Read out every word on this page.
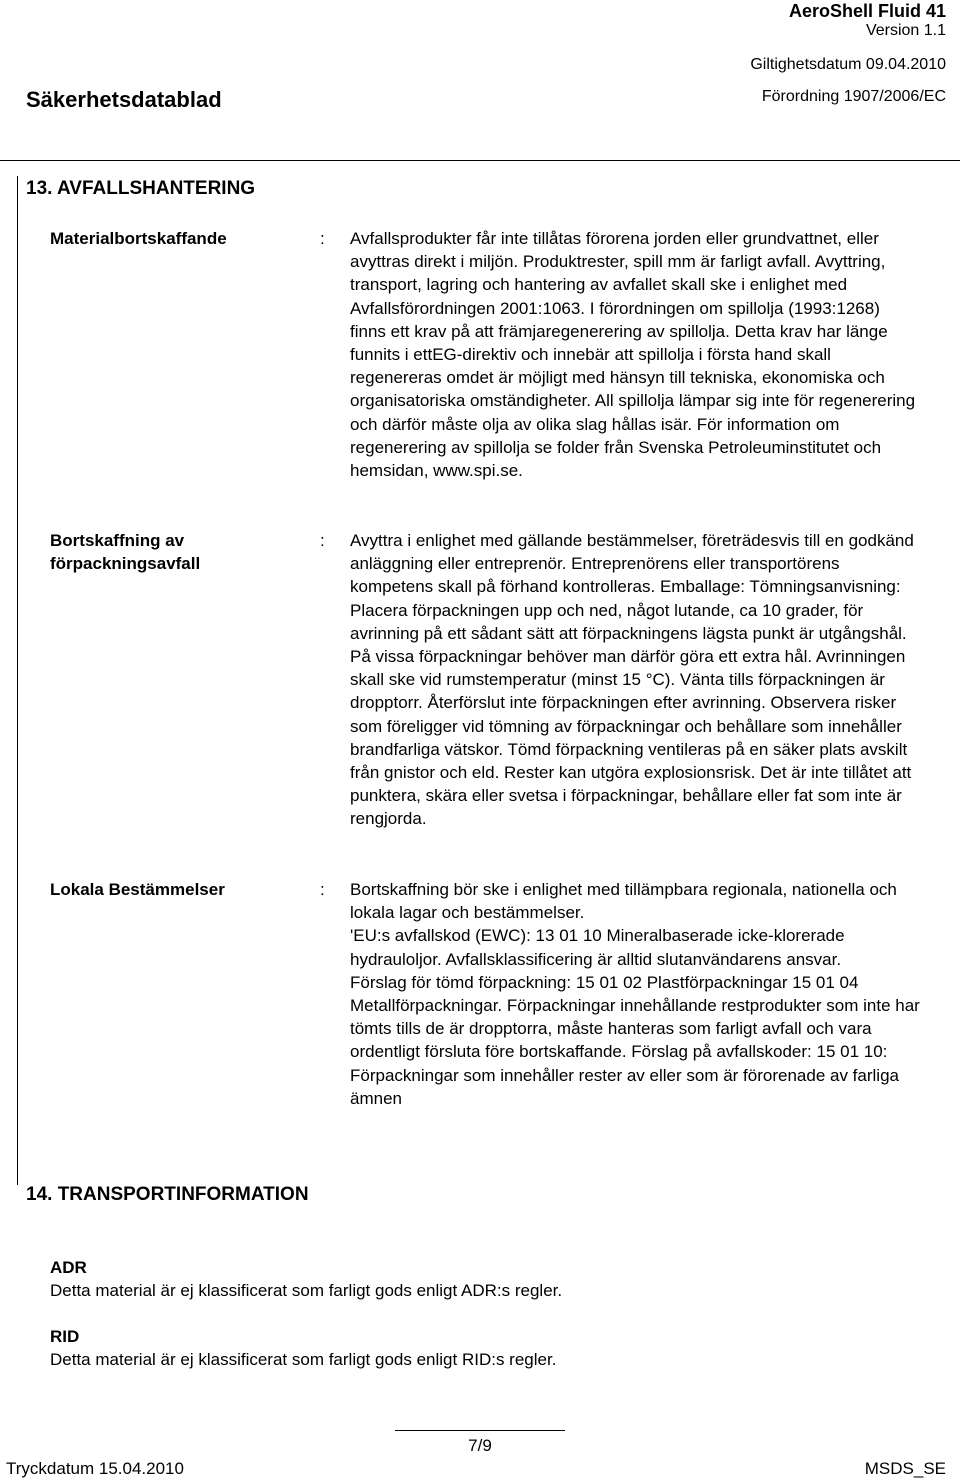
Säkerhetsdatablad
AeroShell Fluid 41
Version 1.1
Giltighetsdatum 09.04.2010
Förordning 1907/2006/EC
13. AVFALLSHANTERING
Materialbortskaffande	: Avfallsprodukter får inte tillåtas förorena jorden eller grundvattnet, eller avyttras direkt i miljön. Produktrester, spill mm är farligt avfall. Avyttring, transport, lagring och hantering av avfallet skall ske i enlighet med Avfallsförordningen 2001:1063. I förordningen om spillolja (1993:1268) finns ett krav på att främjaregenerering av spillolja. Detta krav har länge funnits i ettEG-direktiv och innebär att spillolja i första hand skall regenereras omdet är möjligt med hänsyn till tekniska, ekonomiska och organisatoriska omständigheter. All spillolja lämpar sig inte för regenerering och därför måste olja av olika slag hållas isär. För information om regenerering av spillolja se folder från Svenska Petroleuminstitutet och hemsidan, www.spi.se.
Bortskaffning av förpackningsavfall
: Avyttra i enlighet med gällande bestämmelser, företrädesvis till en godkänd anläggning eller entreprenör. Entreprenörens eller transportörens kompetens skall på förhand kontrolleras. Emballage: Tömningsanvisning: Placera förpackningen upp och ned, något lutande, ca 10 grader, för avrinning på ett sådant sätt att förpackningens lägsta punkt är utgångshål. På vissa förpackningar behöver man därför göra ett extra hål. Avrinningen skall ske vid rumstemperatur (minst 15 °C). Vänta tills förpackningen är dropptorr. Återförslut inte förpackningen efter avrinning. Observera risker som föreligger vid tömning av förpackningar och behållare som innehåller brandfarliga vätskor. Tömd förpackning ventileras på en säker plats avskilt från gnistor och eld. Rester kan utgöra explosionsrisk. Det är inte tillåtet att punktera, skära eller svetsa i förpackningar, behållare eller fat som inte är rengjorda.
Lokala Bestämmelser	: Bortskaffning bör ske i enlighet med tillämpbara regionala, nationella och lokala lagar och bestämmelser.

'EU:s avfallskod (EWC): 13 01 10 Mineralbaserade icke-klorerade hydrauloljor. Avfallsklassificering är alltid slutanvändarens ansvar.

Förslag för tömd förpackning: 15 01 02 Plastförpackningar 15 01 04 Metallförpackningar. Förpackningar innehållande restprodukter som inte har tömts tills de är dropptorra, måste hanteras som farligt avfall och vara ordentligt försluta före bortskaffande. Förslag på avfallskoder: 15 01 10: Förpackningar som innehåller rester av eller som är förorenade av farliga ämnen

14. TRANSPORTINFORMATION
ADR
Detta material är ej klassificerat som farligt gods enligt ADR:s regler.
RID
Detta material är ej klassificerat som farligt gods enligt RID:s regler.
7/9
Tryckdatum 15.04.2010	MSDS_SE
